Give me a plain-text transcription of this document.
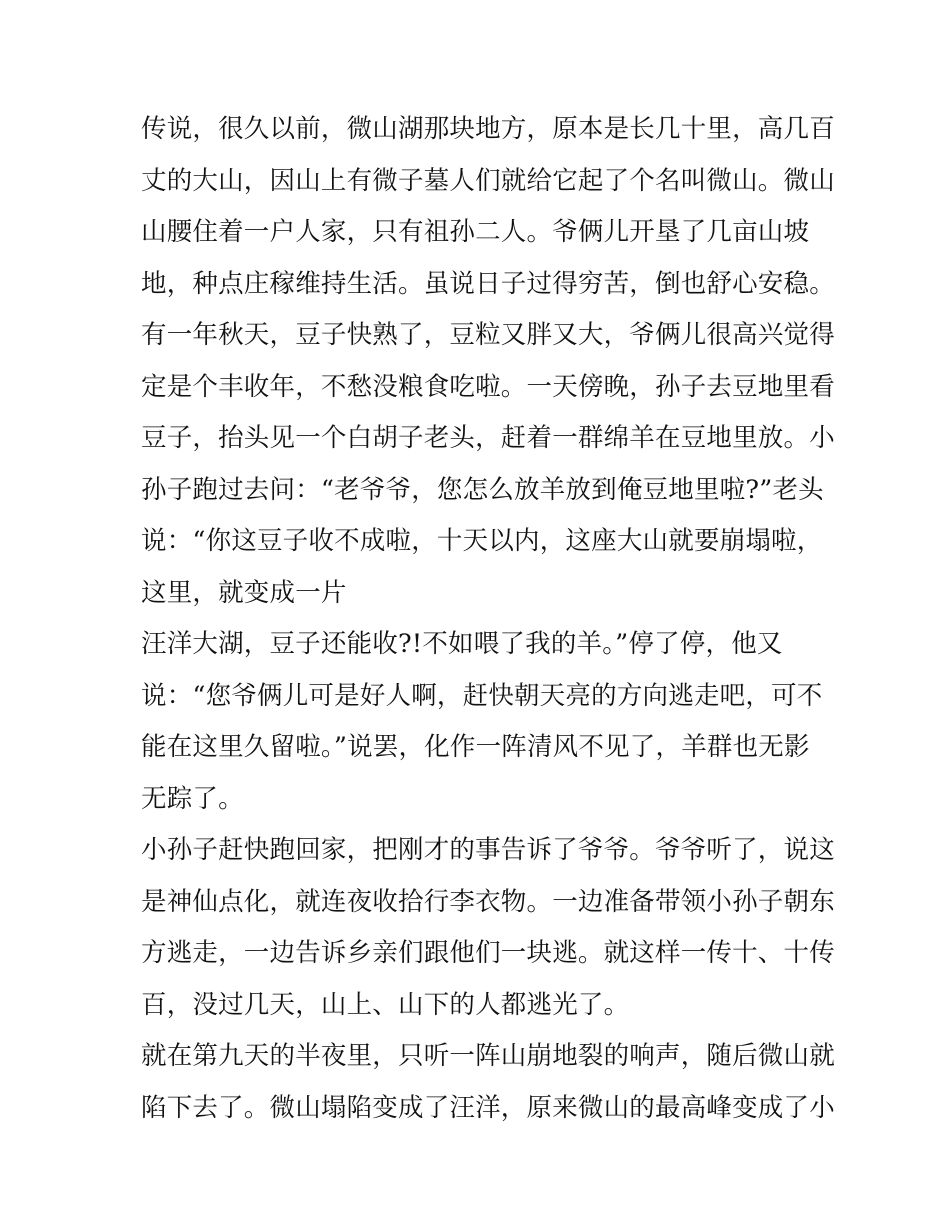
传说，很久以前，微山湖那块地方，原本是长几十里，高几百
丈的大山，因山上有微子墓人们就给它起了个名叫微山。微山
山腰住着一户人家，只有祖孙二人。爷俩儿开垦了几亩山坡
地，种点庄稼维持生活。虽说日子过得穷苦，倒也舒心安稳。
有一年秋天，豆子快熟了，豆粒又胖又大，爷俩儿很高兴觉得
定是个丰收年，不愁没粮食吃啦。一天傍晚，孙子去豆地里看
豆子，抬头见一个白胡子老头，赶着一群绵羊在豆地里放。小
孙子跑过去问：“老爷爷，您怎么放羊放到俺豆地里啦?”老头
说：“你这豆子收不成啦，十天以内，这座大山就要崩塌啦，
这里，就变成一片
汪洋大湖，豆子还能收?!不如喂了我的羊。”停了停，他又
说：“您爷俩儿可是好人啊，赶快朝天亮的方向逃走吧，可不
能在这里久留啦。”说罢，化作一阵清风不见了，羊群也无影
无踪了。
小孙子赶快跑回家，把刚才的事告诉了爷爷。爷爷听了，说这
是神仙点化，就连夜收拾行李衣物。一边准备带领小孙子朝东
方逃走，一边告诉乡亲们跟他们一块逃。就这样一传十、十传
百，没过几天，山上、山下的人都逃光了。
就在第九天的半夜里，只听一阵山崩地裂的响声，随后微山就
陷下去了。微山塌陷变成了汪洋，原来微山的最高峰变成了小
